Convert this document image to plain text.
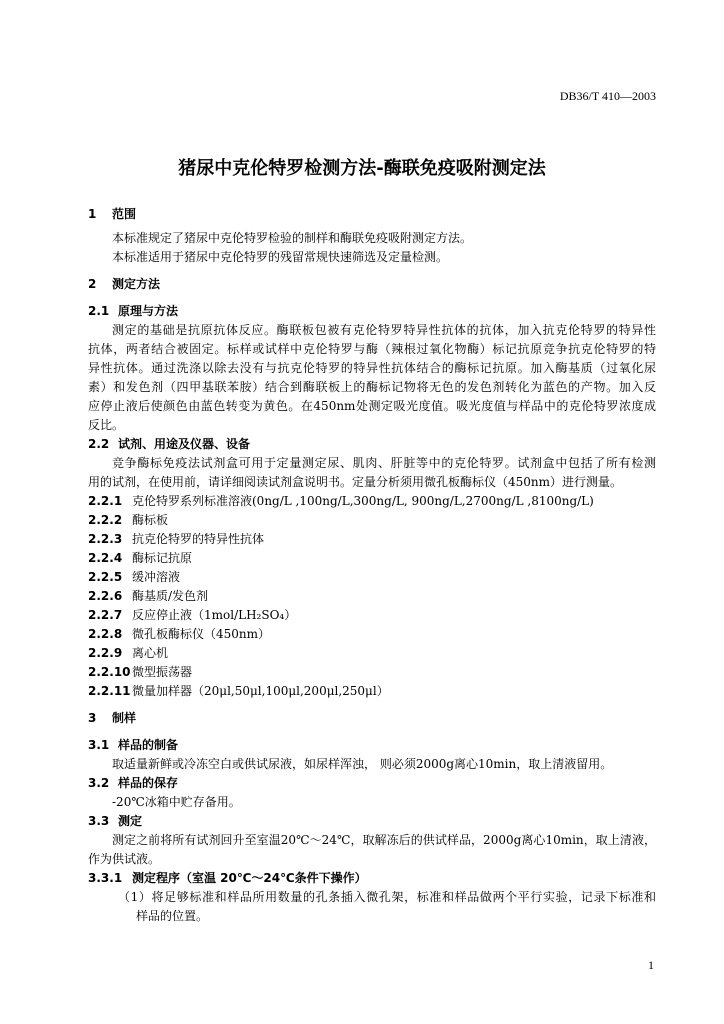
DB36/T 410—2003
猪尿中克伦特罗检测方法-酶联免疫吸附测定法
1 范围
本标准规定了猪尿中克伦特罗检验的制样和酶联免疫吸附测定方法。
本标准适用于猪尿中克伦特罗的残留常规快速筛选及定量检测。
2 测定方法
2.1 原理与方法
测定的基础是抗原抗体反应。酶联板包被有克伦特罗特异性抗体的抗体，加入抗克伦特罗的特异性
抗体，两者结合被固定。标样或试样中克伦特罗与酶（辣根过氧化物酶）标记抗原竞争抗克伦特罗的特
异性抗体。通过洗涤以除去没有与抗克伦特罗的特异性抗体结合的酶标记抗原。加入酶基质（过氧化尿
素）和发色剂（四甲基联苯胺）结合到酶联板上的酶标记物将无色的发色剂转化为蓝色的产物。加入反
应停止液后使颜色由蓝色转变为黄色。在450nm处测定吸光度值。吸光度值与样品中的克伦特罗浓度成
反比。
2.2 试剂、用途及仪器、设备
竞争酶标免疫法试剂盒可用于定量测定尿、肌肉、肝脏等中的克伦特罗。试剂盒中包括了所有检测
用的试剂，在使用前，请详细阅读试剂盒说明书。定量分析须用微孔板酶标仪（450nm）进行测量。
2.2.1 克伦特罗系列标准溶液(0ng/L ,100ng/L,300ng/L, 900ng/L,2700ng/L ,8100ng/L)
2.2.2 酶标板
2.2.3 抗克伦特罗的特异性抗体
2.2.4 酶标记抗原
2.2.5 缓冲溶液
2.2.6 酶基质/发色剂
2.2.7 反应停止液（1mol/LH₂SO₄）
2.2.8 微孔板酶标仪（450nm）
2.2.9 离心机
2.2.10微型振荡器
2.2.11微量加样器（20μl,50μl,100μl,200μl,250μl）
3 制样
3.1 样品的制备
取适量新鲜或冷冻空白或供试尿液，如尿样浑浊， 则必须2000g离心10min，取上清液留用。
3.2 样品的保存
-20℃冰箱中贮存备用。
3.3 测定
测定之前将所有试剂回升至室温20℃～24℃，取解冻后的供试样品，2000g离心10min，取上清液，
作为供试液。
3.3.1 测定程序（室温 20℃～24℃条件下操作）
（1）将足够标准和样品所用数量的孔条插入微孔架，标准和样品做两个平行实验，记录下标准和
样品的位置。
1
